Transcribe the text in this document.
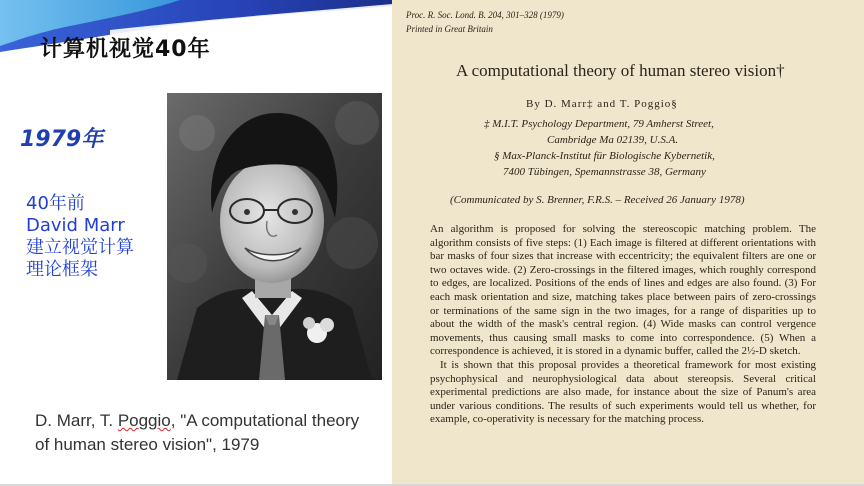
计算机视觉40年
1979年
40年前
David Marr
建立视觉计算
理论框架
D. Marr, T. Poggio, "A computational theory of human stereo vision", 1979
Proc. R. Soc. Lond. B. 204, 301–328 (1979)
Printed in Great Britain
A computational theory of human stereo vision†
By D. Marr‡ and T. Poggio§
‡ M.I.T. Psychology Department, 79 Amherst Street,
Cambridge Ma 02139, U.S.A.
§ Max-Planck-Institut für Biologische Kybernetik,
7400 Tübingen, Spemannstrasse 38, Germany
(Communicated by S. Brenner, F.R.S. – Received 26 January 1978)

An algorithm is proposed for solving the stereoscopic matching problem. The algorithm consists of five steps: (1) Each image is filtered at different orientations with bar masks of four sizes that increase with eccentricity; the equivalent filters are one or two octaves wide. (2) Zero-crossings in the filtered images, which roughly correspond to edges, are localized. Positions of the ends of lines and edges are also found. (3) For each mask orientation and size, matching takes place between pairs of zero-crossings or terminations of the same sign in the two images, for a range of disparities up to about the width of the mask's central region. (4) Wide masks can control vergence movements, thus causing small masks to come into correspondence. (5) When a correspondence is achieved, it is stored in a dynamic buffer, called the 2½-D sketch.

It is shown that this proposal provides a theoretical framework for most existing psychophysical and neurophysiological data about stereopsis. Several critical experimental predictions are also made, for instance about the size of Panum's area under various conditions. The results of such experiments would tell us whether, for example, co-operativity is necessary for the matching process.
